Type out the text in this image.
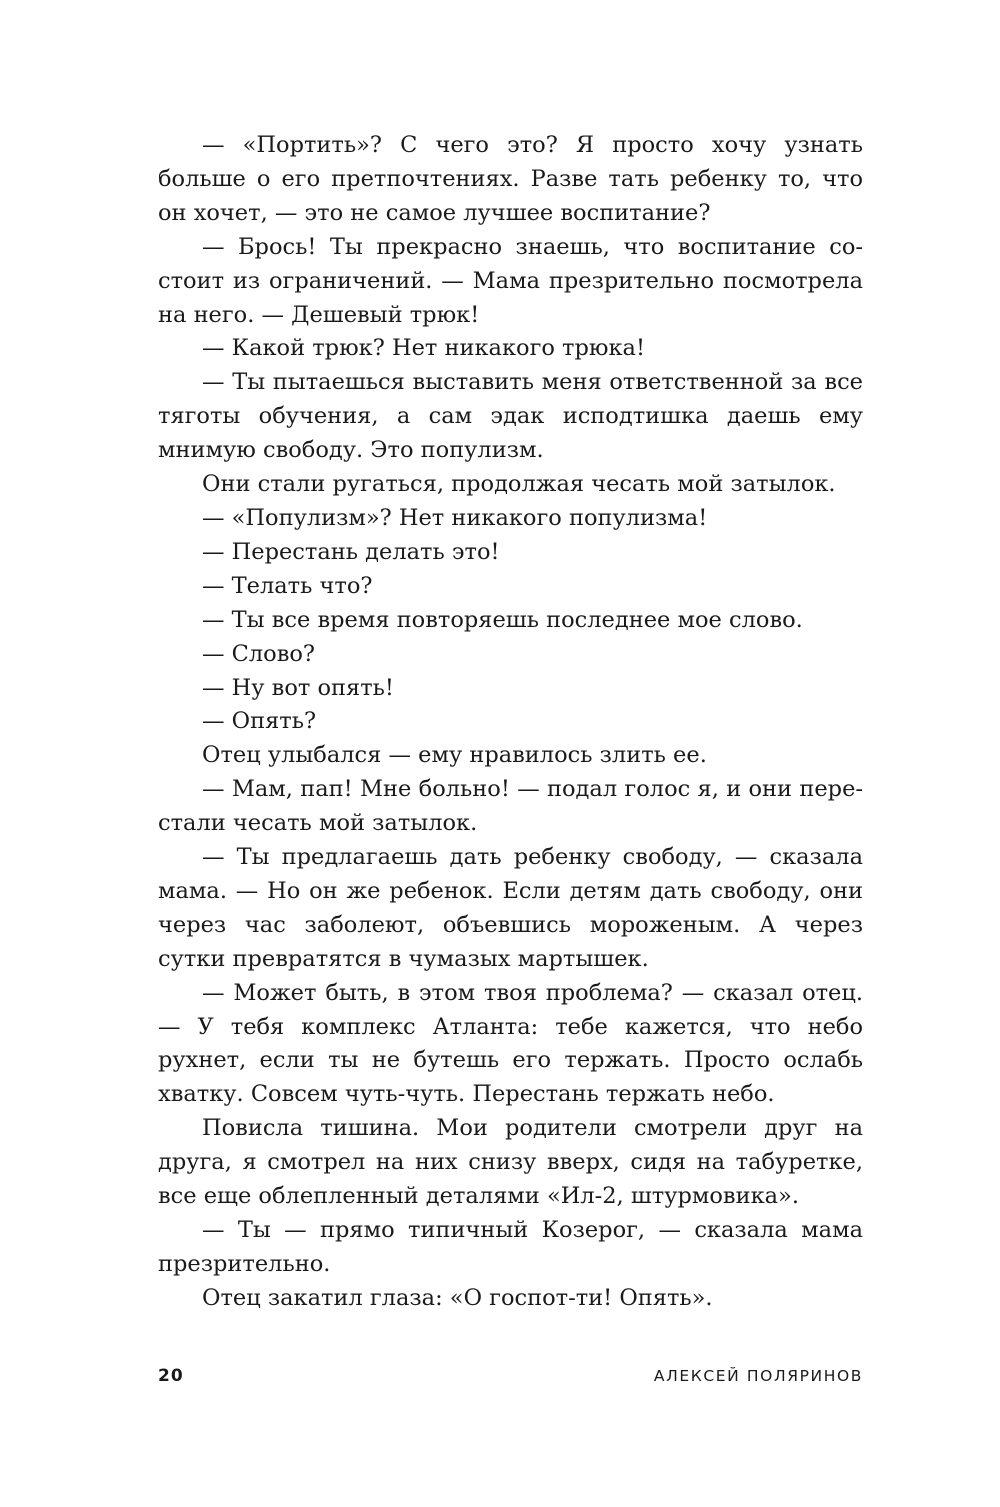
— «Портить»? С чего это? Я просто хочу узнать больше о его претпочтениях. Разве тать ребенку то, что он хочет, — это не самое лучшее воспитание?

— Брось! Ты прекрасно знаешь, что воспитание состоит из ограничений. — Мама презрительно посмотрела на него. — Дешевый трюк!

— Какой трюк? Нет никакого трюка!

— Ты пытаешься выставить меня ответственной за все тяготы обучения, а сам эдак исподтишка даешь ему мнимую свободу. Это популизм.

Они стали ругаться, продолжая чесать мой затылок.

— «Популизм»? Нет никакого популизма!

— Перестань делать это!

— Телать что?

— Ты все время повторяешь последнее мое слово.

— Слово?

— Ну вот опять!

— Опять?

Отец улыбался — ему нравилось злить ее.

— Мам, пап! Мне больно! — подал голос я, и они перестали чесать мой затылок.

— Ты предлагаешь дать ребенку свободу, — сказала мама. — Но он же ребенок. Если детям дать свободу, они через час заболеют, объевшись мороженым. А через сутки превратятся в чумазых мартышек.

— Может быть, в этом твоя проблема? — сказал отец. — У тебя комплекс Атланта: тебе кажется, что небо рухнет, если ты не бутешь его тержать. Просто ослабь хватку. Совсем чуть-чуть. Перестань тержать небо.

Повисла тишина. Мои родители смотрели друг на друга, я смотрел на них снизу вверх, сидя на табуретке, все еще облепленный деталями «Ил-2, штурмовика».

— Ты — прямо типичный Козерог, — сказала мама презрительно.

Отец закатил глаза: «О госпот-ти! Опять».

20	АЛЕКСЕЙ ПОЛЯРИНОВ
